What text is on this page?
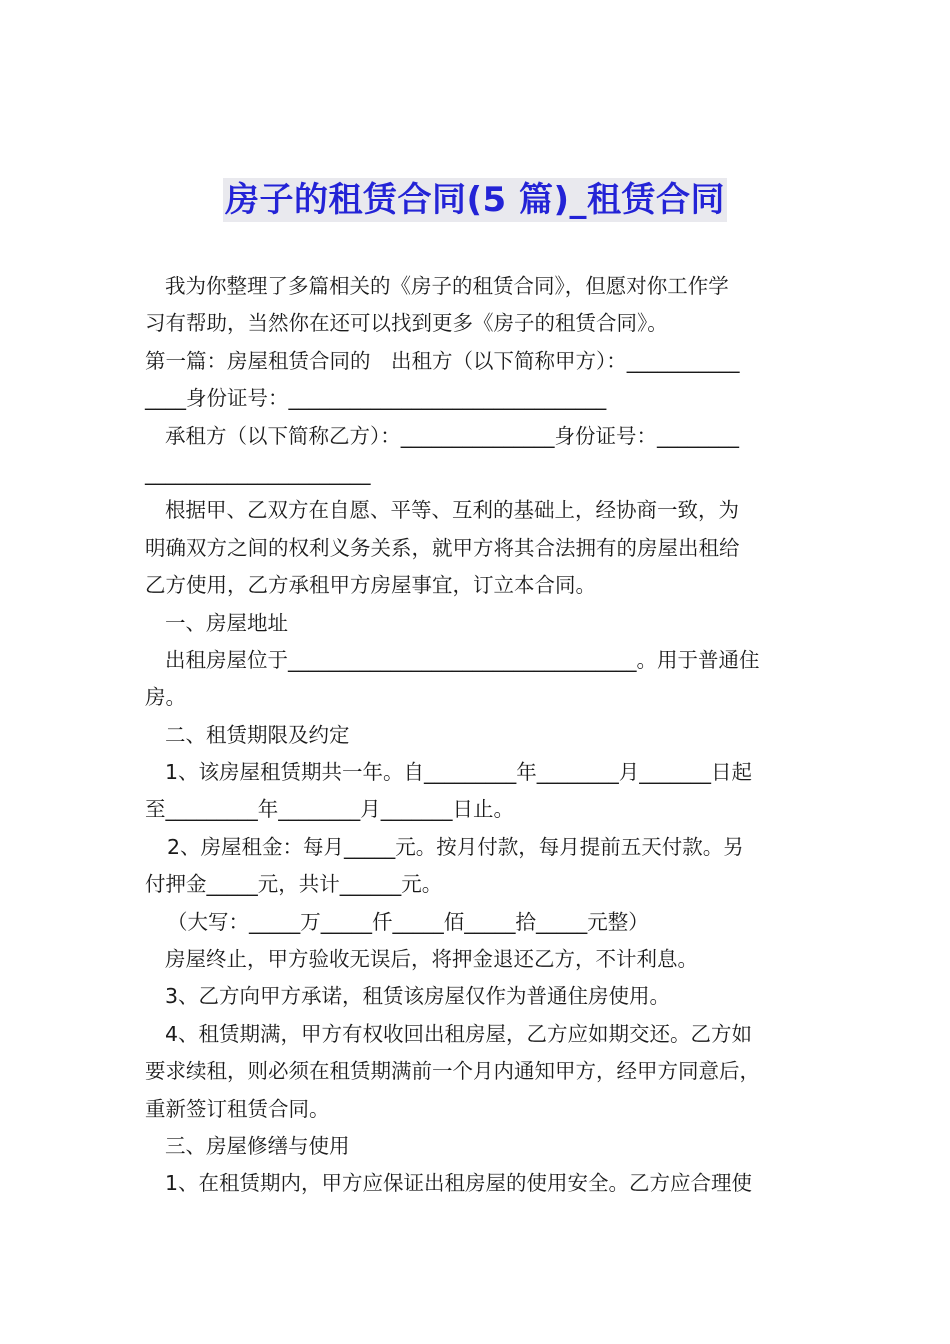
房子的租赁合同(5 篇)_租赁合同
我为你整理了多篇相关的《房子的租赁合同》，但愿对你工作学
习有帮助，当然你在还可以找到更多《房子的租赁合同》。
第一篇：房屋租赁合同的　出租方（以下简称甲方）：___________
____身份证号：_______________________________
承租方（以下简称乙方）：_______________身份证号：________
______________________
根据甲、乙双方在自愿、平等、互利的基础上，经协商一致，为
明确双方之间的权利义务关系，就甲方将其合法拥有的房屋出租给
乙方使用，乙方承租甲方房屋事宜，订立本合同。
一、房屋地址
出租房屋位于__________________________________。用于普通住
房。
二、租赁期限及约定
1、该房屋租赁期共一年。自_________年________月_______日起
至_________年________月_______日止。
2、房屋租金：每月_____元。按月付款，每月提前五天付款。另
付押金_____元，共计______元。
（大写：_____万_____仟_____佰_____拾_____元整）
房屋终止，甲方验收无误后，将押金退还乙方，不计利息。
3、乙方向甲方承诺，租赁该房屋仅作为普通住房使用。
4、租赁期满，甲方有权收回出租房屋，乙方应如期交还。乙方如
要求续租，则必须在租赁期满前一个月内通知甲方，经甲方同意后，
重新签订租赁合同。
三、房屋修缮与使用
1、在租赁期内，甲方应保证出租房屋的使用安全。乙方应合理使
